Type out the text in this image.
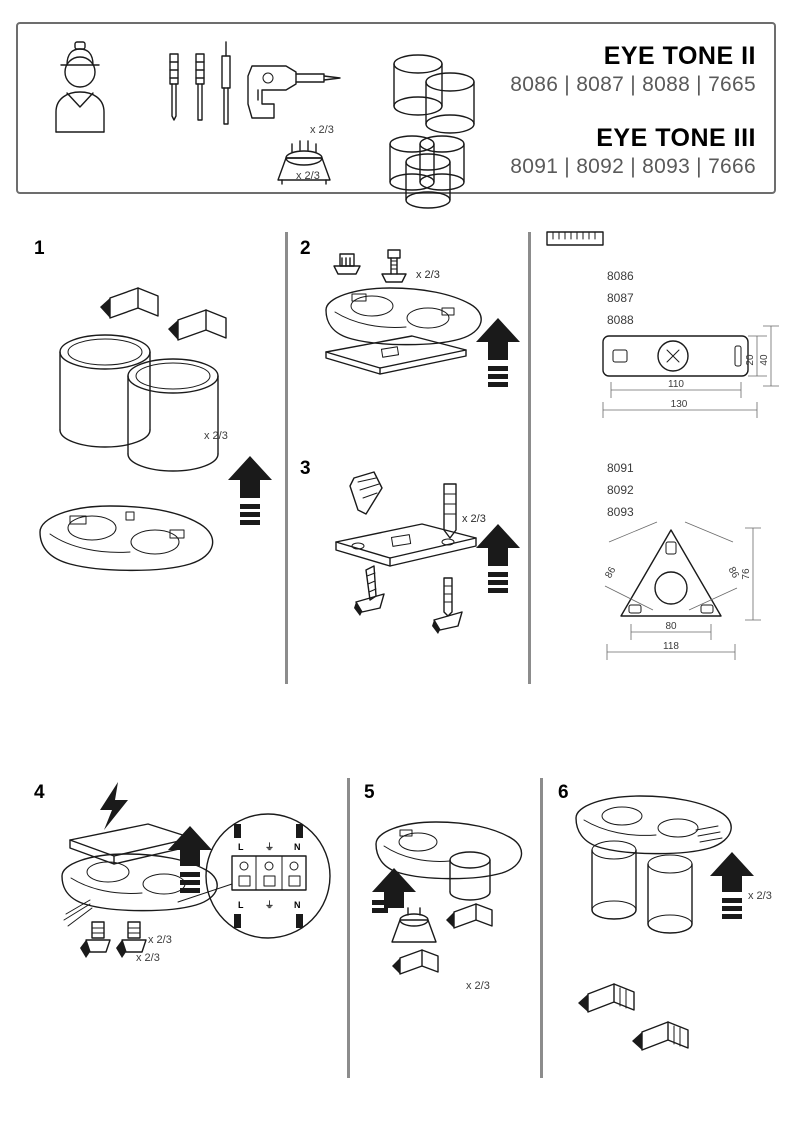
x 2/3
x 2/3
EYE TONE II
8086 | 8087 | 8088 | 7665
EYE TONE III
8091 | 8092 | 8093 | 7666
1
x 2/3
2
x 2/3
3
x 2/3
8086
8087
8088
20 40
110
130
8091
8092
8093
86	86 76
80
118
4
L ⏚ N
L ⏚ N
x 2/3
x 2/3
5
x 2/3
6
x 2/3
